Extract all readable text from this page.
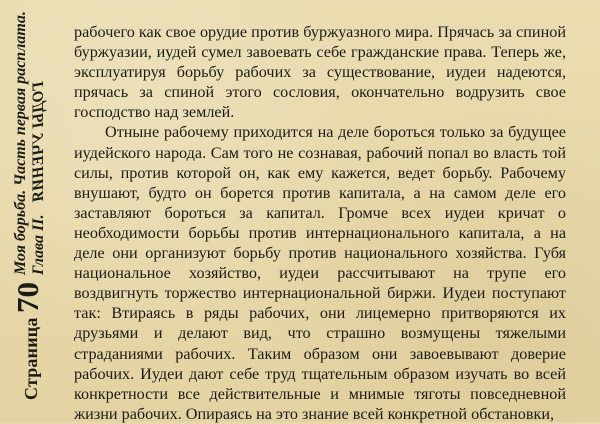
Страница
70
Моя борьба. Часть первая расплата. Глава II. ГОДЫ УЧЕНИЯ

рабочего как свое орудие против буржуазного мира. Прячась за спиной буржуазии, иудей сумел завоевать себе гражданские права. Теперь же, эксплуатируя борьбу рабочих за существование, иудеи надеются, прячась за спиной этого сословия, окончательно водрузить свое господство над землей.

Отныне рабочему приходится на деле бороться только за будущее иудейского народа. Сам того не сознавая, рабочий попал во власть той силы, против которой он, как ему кажется, ведет борьбу. Рабочему внушают, будто он борется против капитала, а на самом деле его заставляют бороться за капитал. Громче всех иудеи кричат о необходимости борьбы против интернационального капитала, а на деле они организуют борьбу против национального хозяйства. Губя национальное хозяйство, иудеи рассчитывают на трупе его воздвигнуть торжество интернациональной биржи. Иудеи поступают так: Втираясь в ряды рабочих, они лицемерно притворяются их друзьями и делают вид, что страшно возмущены тяжелыми страданиями рабочих. Таким образом они завоевывают доверие рабочих. Иудеи дают себе труд тщательным образом изучать во всей конкретности все действительные и мнимые тяготы повседневной жизни рабочих. Опираясь на это знание всей конкретной обстановки,
